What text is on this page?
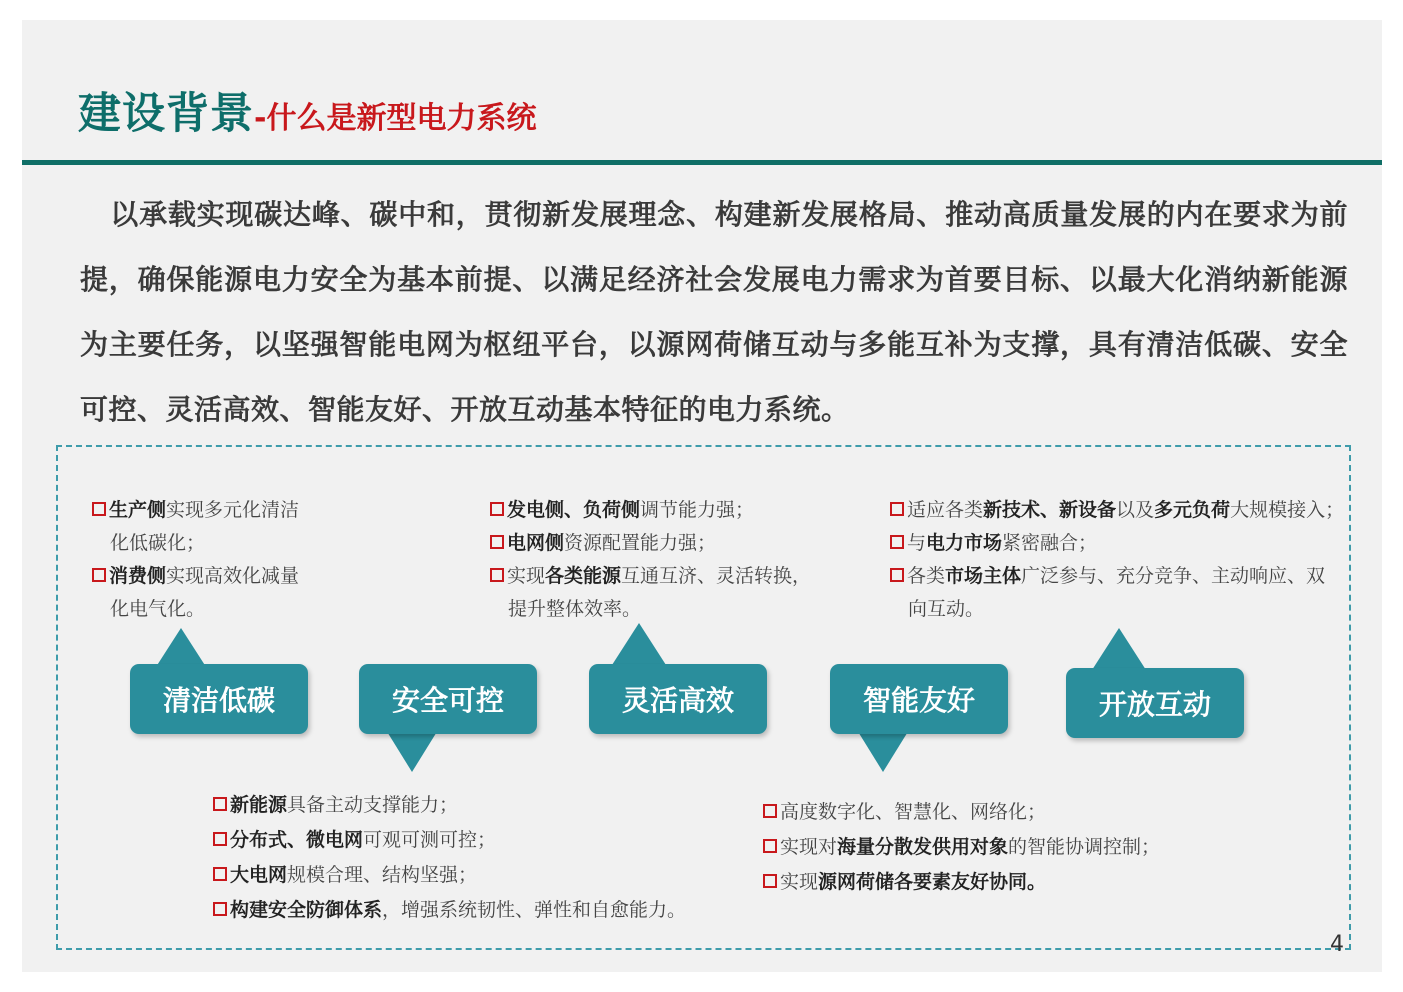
建设背景-什么是新型电力系统
以承载实现碳达峰、碳中和，贯彻新发展理念、构建新发展格局、推动高质量发展的内在要求为前提，确保能源电力安全为基本前提、以满足经济社会发展电力需求为首要目标、以最大化消纳新能源为主要任务，以坚强智能电网为枢纽平台，以源网荷储互动与多能互补为支撑，具有清洁低碳、安全可控、灵活高效、智能友好、开放互动基本特征的电力系统。
生产侧实现多元化清洁
化低碳化；
消费侧实现高效化减量
化电气化。
发电侧、负荷侧调节能力强；
电网侧资源配置能力强；
实现各类能源互通互济、灵活转换，
提升整体效率。
适应各类新技术、新设备以及多元负荷大规模接入；
与电力市场紧密融合；
各类市场主体广泛参与、充分竞争、主动响应、双
向互动。
清洁低碳	安全可控	灵活高效	智能友好	开放互动
新能源具备主动支撑能力；
分布式、微电网可观可测可控；
大电网规模合理、结构坚强；
构建安全防御体系，增强系统韧性、弹性和自愈能力。
高度数字化、智慧化、网络化；
实现对海量分散发供用对象的智能协调控制；
实现源网荷储各要素友好协同。
4
